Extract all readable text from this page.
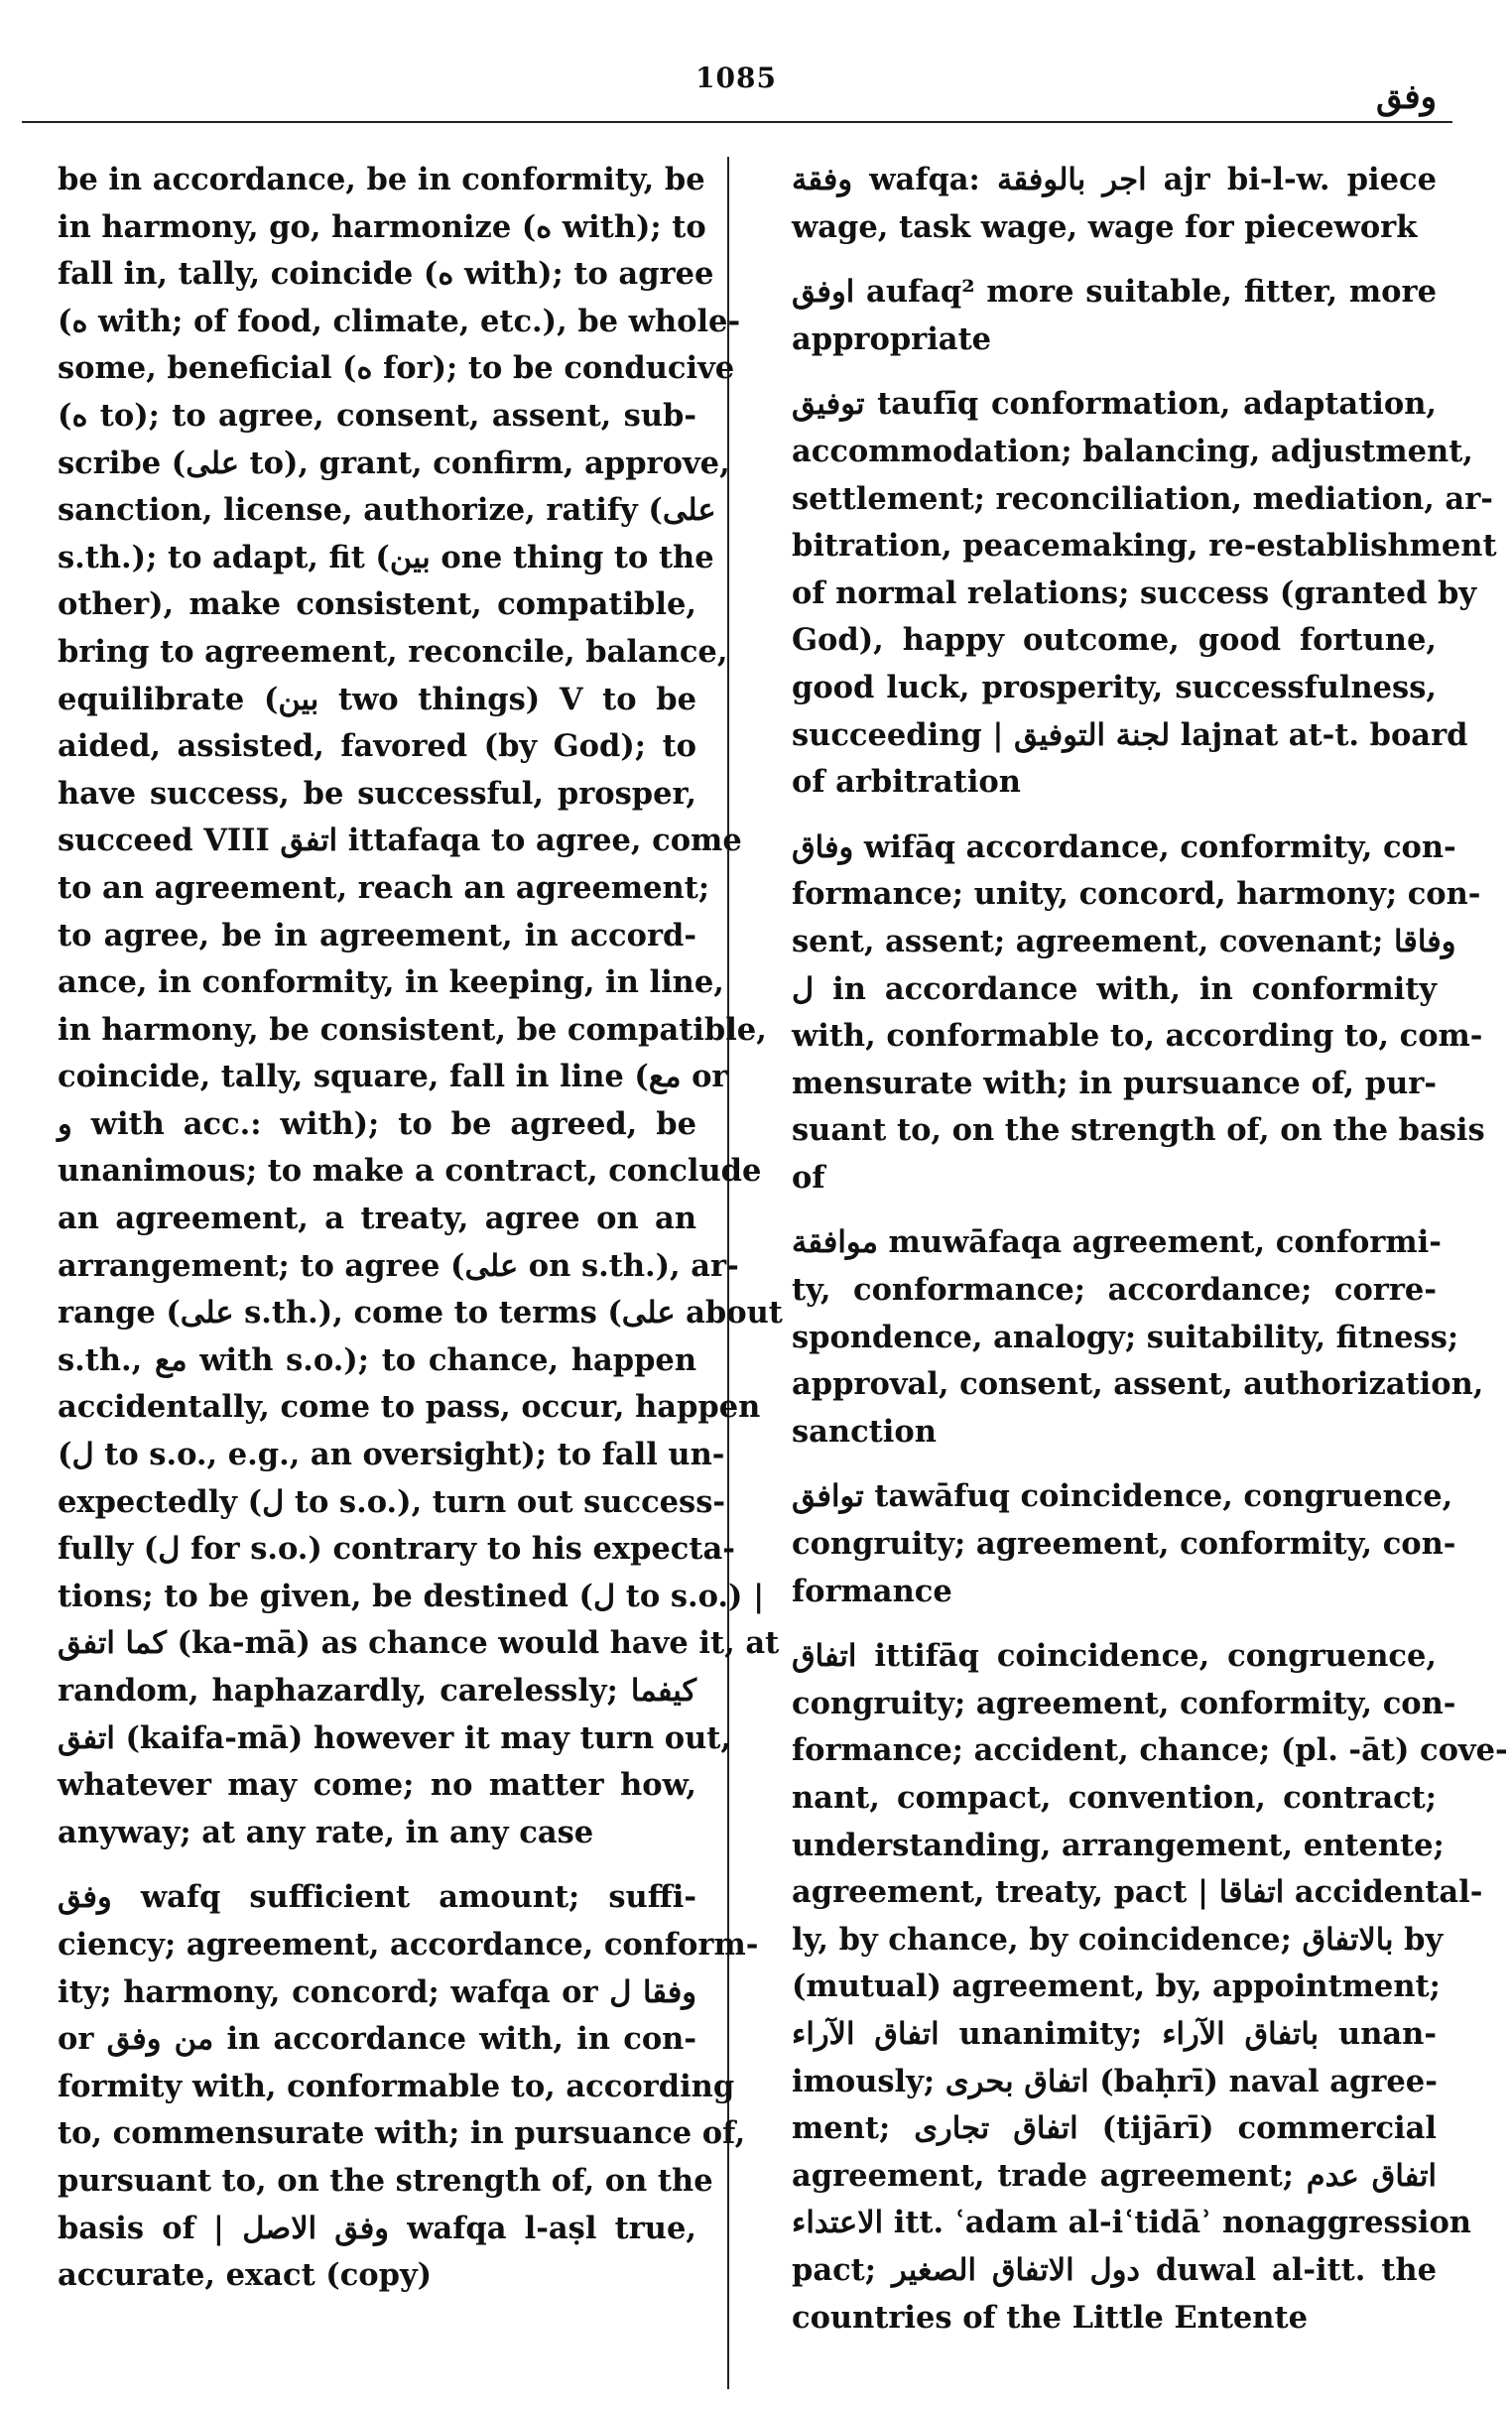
1085	وفق
be in accordance, be in conformity, be
in harmony, go, harmonize (ه with); to
fall in, tally, coincide (ه with); to agree
(ه with; of food, climate, etc.), be whole-
some, beneficial (ه for); to be conducive
(ه to); to agree, consent, assent, sub-
scribe (على to), grant, confirm, approve,
sanction, license, authorize, ratify (على
s.th.); to adapt, fit (بين one thing to the
other), make consistent, compatible,
bring to agreement, reconcile, balance,
equilibrate (بين two things) V to be
aided, assisted, favored (by God); to
have success, be successful, prosper,
succeed VIII اتفق ittafaqa to agree, come
to an agreement, reach an agreement;
to agree, be in agreement, in accord-
ance, in conformity, in keeping, in line,
in harmony, be consistent, be compatible,
coincide, tally, square, fall in line (مع or
و with acc.: with); to be agreed, be
unanimous; to make a contract, conclude
an agreement, a treaty, agree on an
arrangement; to agree (على on s.th.), ar-
range (على s.th.), come to terms (على about
s.th., مع with s.o.); to chance, happen
accidentally, come to pass, occur, happen
(ل to s.o., e.g., an oversight); to fall un-
expectedly (ل to s.o.), turn out success-
fully (ل for s.o.) contrary to his expecta-
tions; to be given, be destined (ل to s.o.) |
كما اتفق (ka-mā) as chance would have it, at
random, haphazardly, carelessly; كيفما
اتفق (kaifa-mā) however it may turn out,
whatever may come; no matter how,
anyway; at any rate, in any case
وفق wafq sufficient amount; suffi-
ciency; agreement, accordance, conform-
ity; harmony, concord; wafqa or وفقا ل
or من وفق in accordance with, in con-
formity with, conformable to, according
to, commensurate with; in pursuance of,
pursuant to, on the strength of, on the
basis of | وفق الاصل wafqa l-aṣl true,
accurate, exact (copy)
وفقة wafqa: اجر بالوفقة ajr bi-l-w. piece
wage, task wage, wage for piecework
اوفق aufaq² more suitable, fitter, more
appropriate
توفيق taufīq conformation, adaptation,
accommodation; balancing, adjustment,
settlement; reconciliation, mediation, ar-
bitration, peacemaking, re-establishment
of normal relations; success (granted by
God), happy outcome, good fortune,
good luck, prosperity, successfulness,
succeeding | لجنة التوفيق lajnat at-t. board
of arbitration
وفاق wifāq accordance, conformity, con-
formance; unity, concord, harmony; con-
sent, assent; agreement, covenant; وفاقا
ل in accordance with, in conformity
with, conformable to, according to, com-
mensurate with; in pursuance of, pur-
suant to, on the strength of, on the basis
of
موافقة muwāfaqa agreement, conformi-
ty, conformance; accordance; corre-
spondence, analogy; suitability, fitness;
approval, consent, assent, authorization,
sanction
توافق tawāfuq coincidence, congruence,
congruity; agreement, conformity, con-
formance
اتفاق ittifāq coincidence, congruence,
congruity; agreement, conformity, con-
formance; accident, chance; (pl. -āt) cove-
nant, compact, convention, contract;
understanding, arrangement, entente;
agreement, treaty, pact | اتفاقا accidental-
ly, by chance, by coincidence; بالاتفاق by
(mutual) agreement, by, appointment;
اتفاق الآراء unanimity; باتفاق الآراء unan-
imously; اتفاق بحرى (baḥrī) naval agree-
ment; اتفاق تجارى (tijārī) commercial
agreement, trade agreement; اتفاق عدم
الاعتداء itt. ʿadam al-iʿtidāʾ nonaggression
pact; دول الاتفاق الصغير duwal al-itt. the
countries of the Little Entente
